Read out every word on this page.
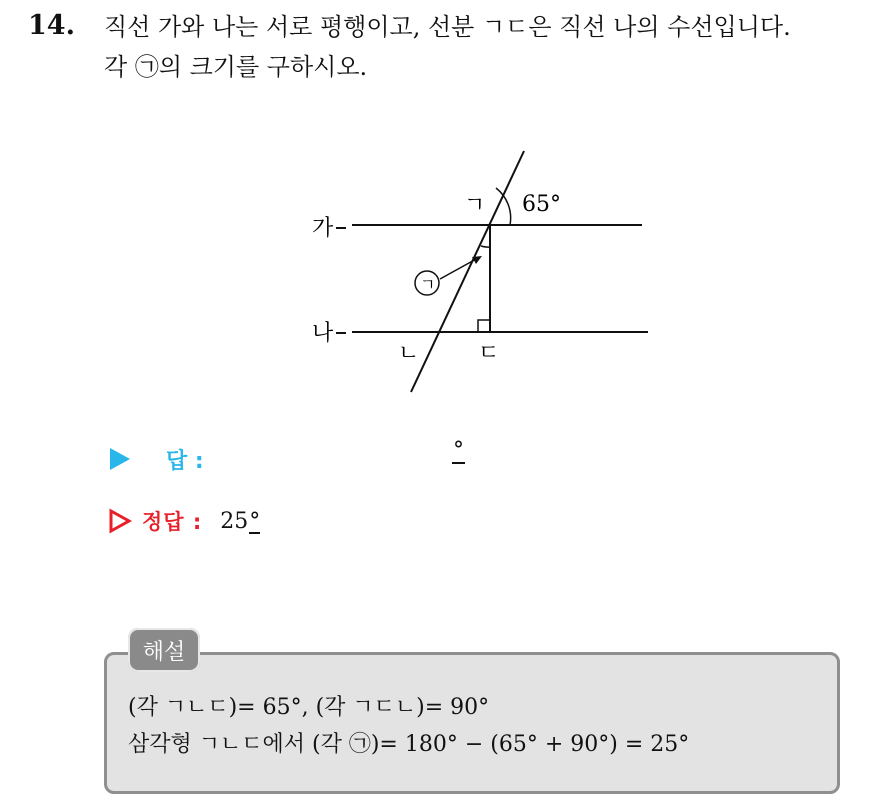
14. 직선 가와 나는 서로 평행이고, 선분 ㄱㄷ은 직선 나의 수선입니다.
각 ㉠의 크기를 구하시오.
가
나
ㄱ
ㄴ	ㄷ
65°
ㄱ
답 :	°
정답 : 25°
해설
(각 ㄱㄴㄷ)= 65°, (각 ㄱㄷㄴ)= 90°
삼각형 ㄱㄴㄷ에서 (각 ㉠)= 180° − (65° + 90°) = 25°
